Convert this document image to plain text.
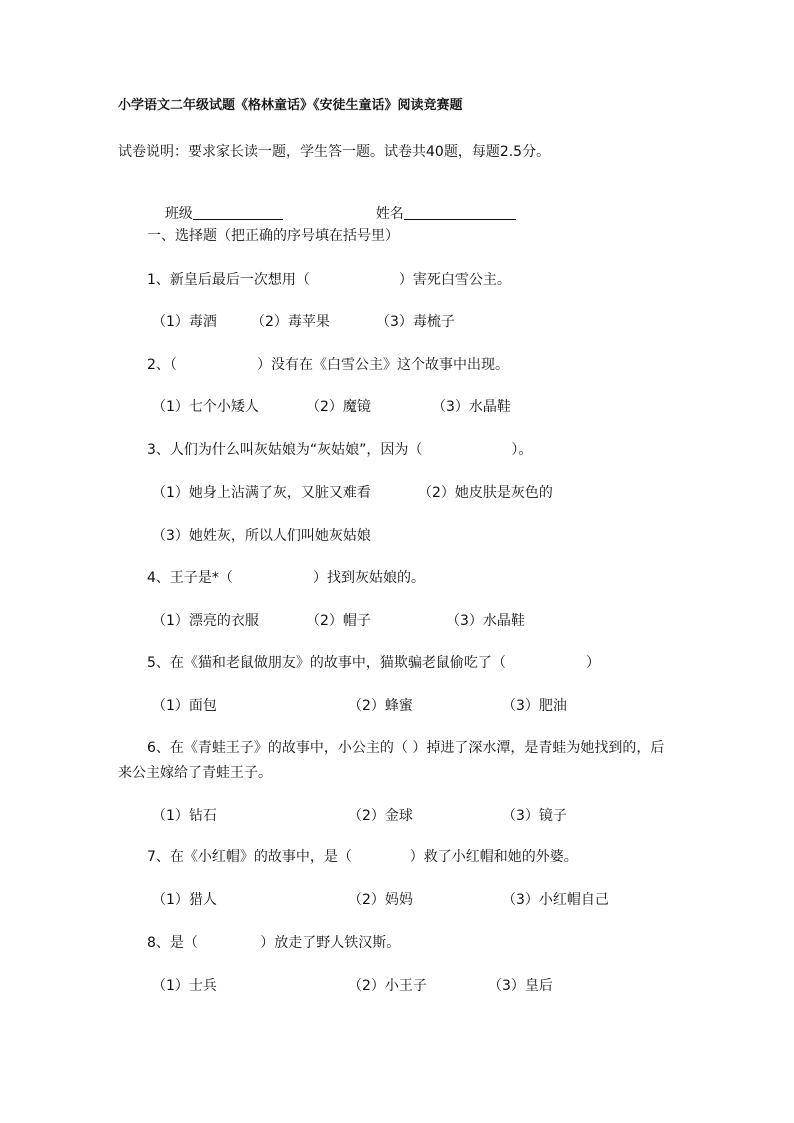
小学语文二年级试题《格林童话》《安徒生童话》阅读竞赛题
试卷说明：要求家长读一题，学生答一题。试卷共40题，每题2.5分。

班级
	姓名

一、选择题（把正确的序号填在括号里）
1、新皇后最后一次想用（                    ）害死白雪公主。
（1）毒酒 （2）毒苹果	（3）毒梳子
2、（                  ）没有在《白雪公主》这个故事中出现。
（1）七个小矮人	（2）魔镜	（3）水晶鞋
3、人们为什么叫灰姑娘为“灰姑娘”，因为（                    ）。
（1）她身上沾满了灰，又脏又难看	（2）她皮肤是灰色的
（3）她姓灰，所以人们叫她灰姑娘
4、王子是*（                  ）找到灰姑娘的。
（1）漂亮的衣服	（2）帽子	（3）水晶鞋
5、在《猫和老鼠做朋友》的故事中，猫欺骗老鼠偷吃了（                  ）
（1）面包	（2）蜂蜜	（3）肥油
6、在《青蛙王子》的故事中，小公主的（ ）掉进了深水潭，是青蛙为她找到的，后来公主嫁给了青蛙王子。
（1）钻石	（2）金球	（3）镜子
7、在《小红帽》的故事中，是（             ）救了小红帽和她的外婆。
（1）猎人	（2）妈妈	（3）小红帽自己
8、是（              ）放走了野人铁汉斯。
（1）士兵	（2）小王子	（3）皇后
